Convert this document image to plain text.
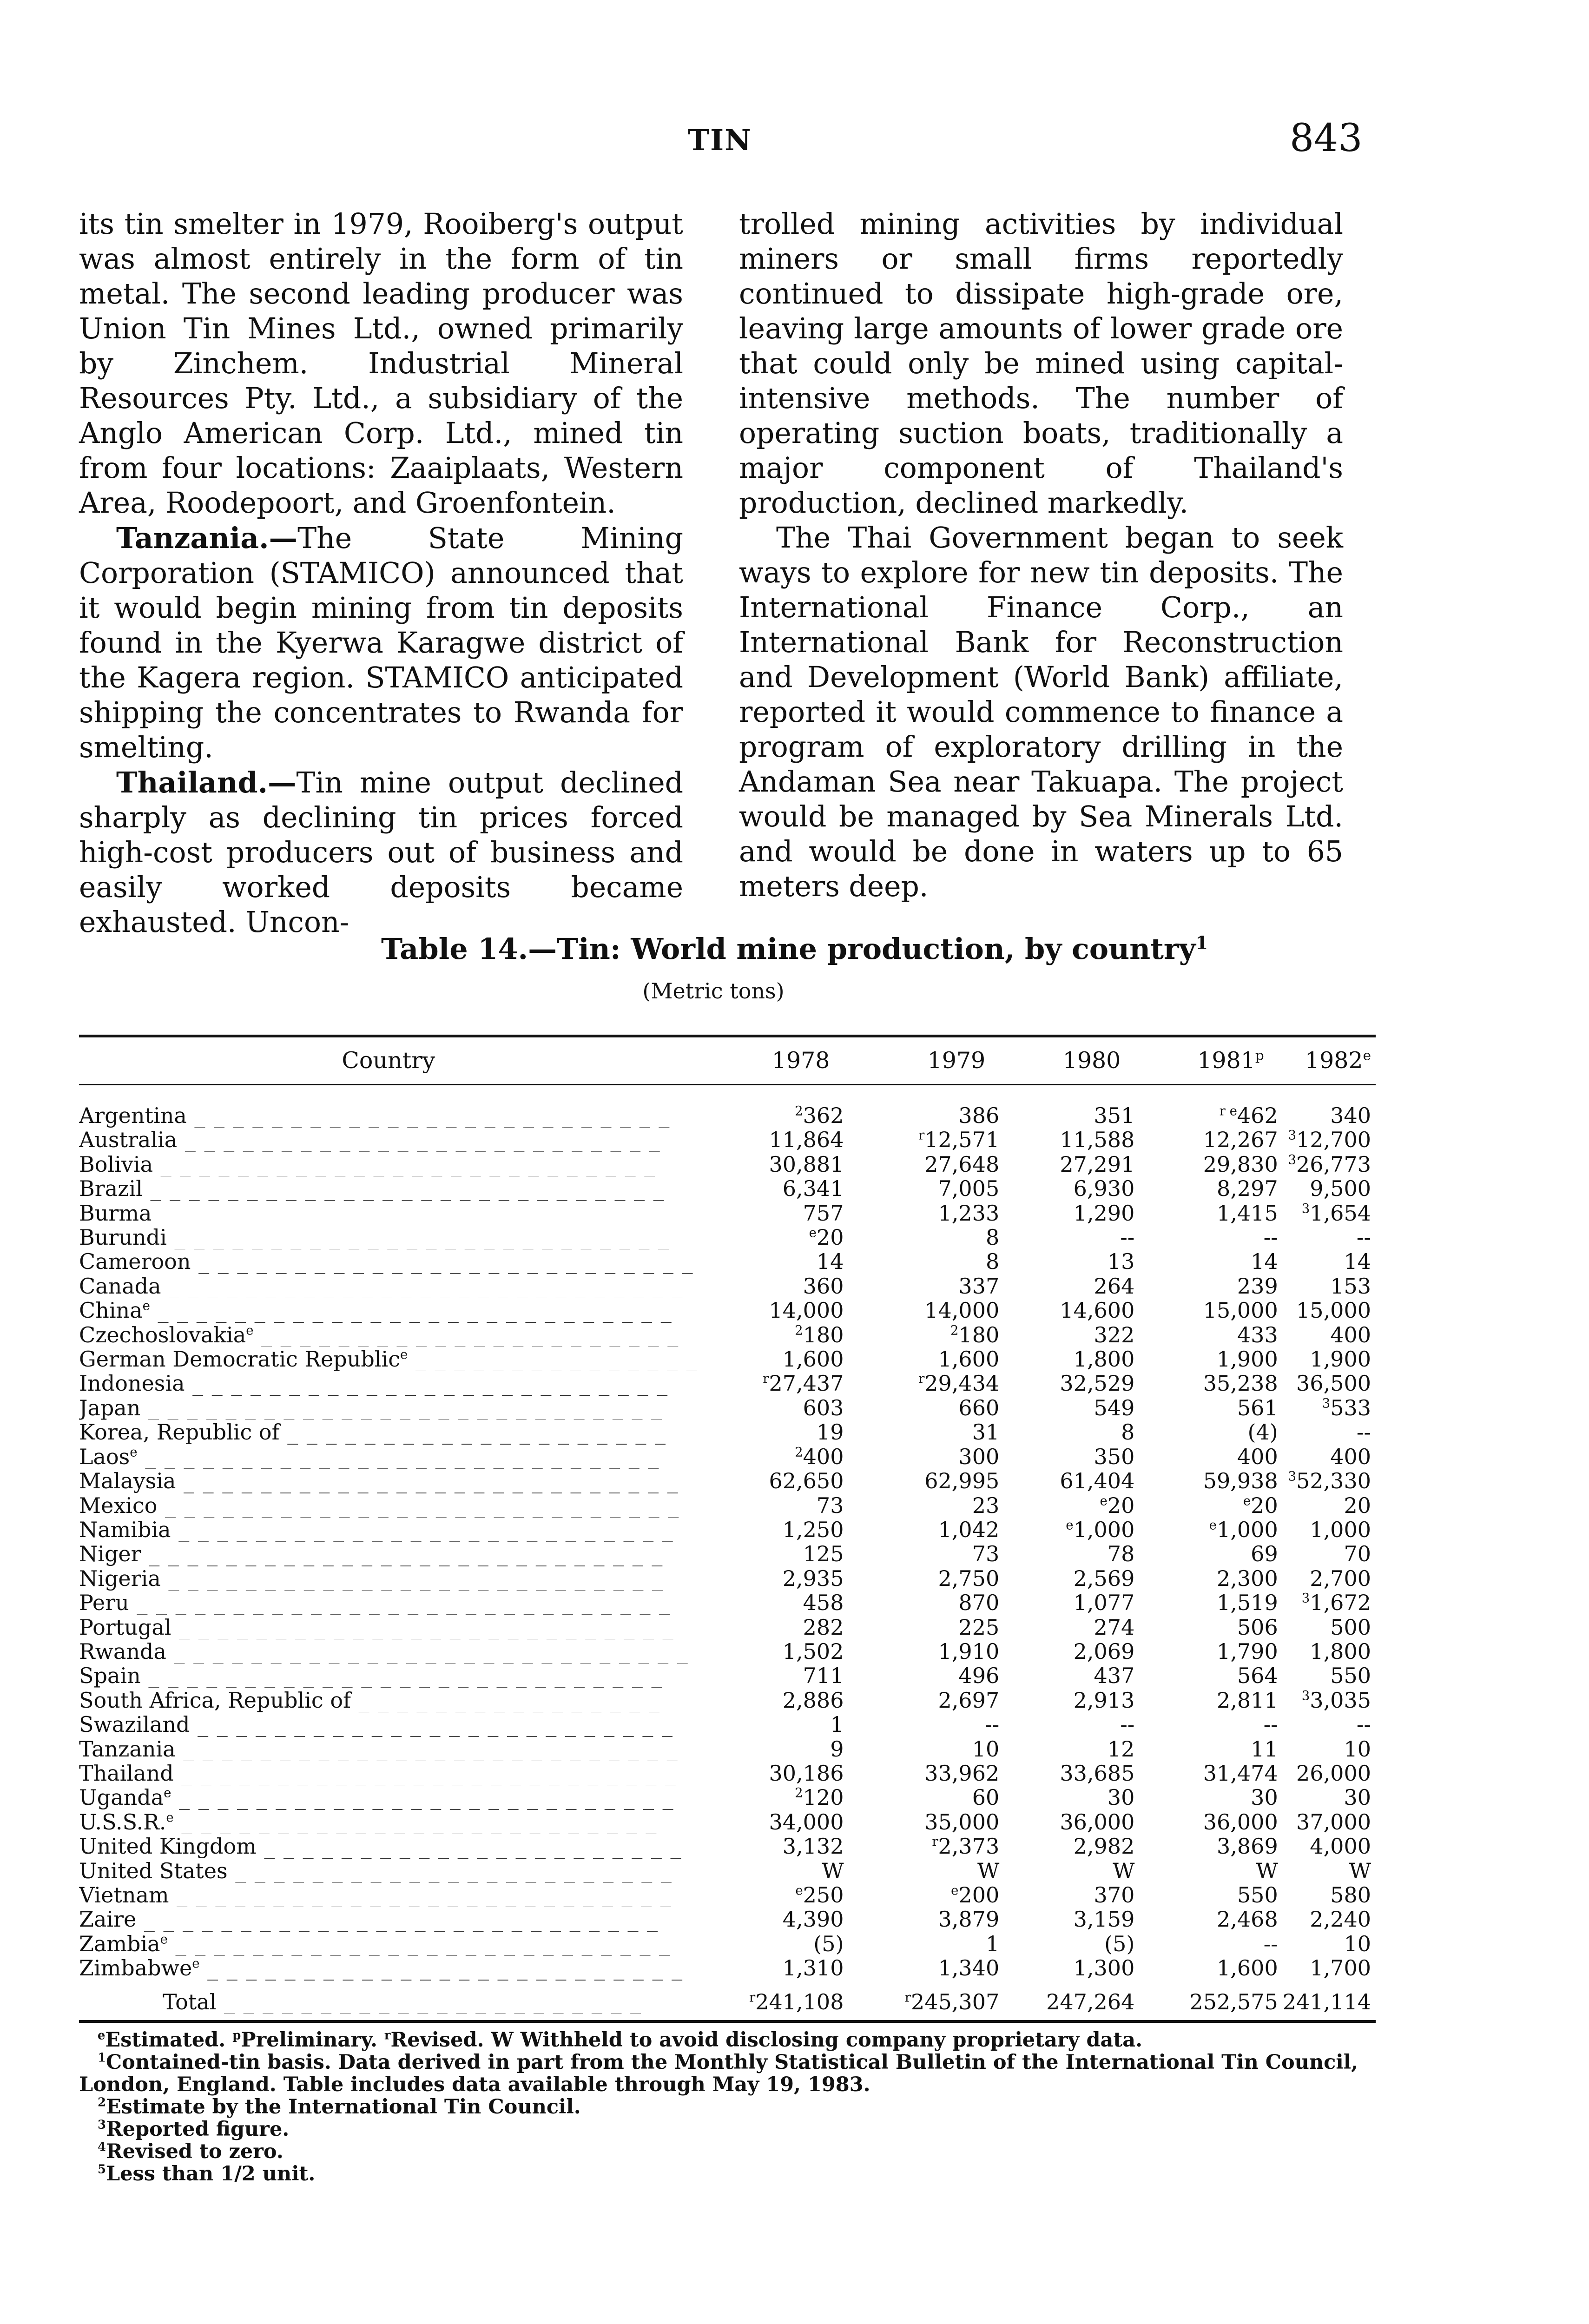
TIN	843

its tin smelter in 1979, Rooiberg's output was almost entirely in the form of tin metal. The second leading producer was Union Tin Mines Ltd., owned primarily by Zinchem. Industrial Mineral Resources Pty. Ltd., a subsidiary of the Anglo American Corp. Ltd., mined tin from four locations: Zaaiplaats, Western Area, Roodepoort, and Groenfontein.

Tanzania.—The State Mining Corporation (STAMICO) announced that it would begin mining from tin deposits found in the Kyerwa Karagwe district of the Kagera region. STAMICO anticipated shipping the concentrates to Rwanda for smelting.

Thailand.—Tin mine output declined sharply as declining tin prices forced high-cost producers out of business and easily worked deposits became exhausted. Uncon-

trolled mining activities by individual miners or small firms reportedly continued to dissipate high-grade ore, leaving large amounts of lower grade ore that could only be mined using capital-intensive methods. The number of operating suction boats, traditionally a major component of Thailand's production, declined markedly.

The Thai Government began to seek ways to explore for new tin deposits. The International Finance Corp., an International Bank for Reconstruction and Development (World Bank) affiliate, reported it would commence to finance a program of exploratory drilling in the Andaman Sea near Takuapa. The project would be managed by Sea Minerals Ltd. and would be done in waters up to 65 meters deep.

Table 14.—Tin: World mine production, by country$^1$
(Metric tons)
Country	1978	1979	1980	1981$^p$	1982e

Argentina _ _ _ _ _ _ _ _ _ _ _ _ _ _ _ _ _ _ _ _ _ _ _ _ _	$^2$362	386	351	$^{r e}$462	340
Australia _ _ _ _ _ _ _ _ _ _ _ _ _ _ _ _ _ _ _ _ _ _ _ _ _	11,864	$^r$12,571	11,588	12,267	$^3$12,700
Bolivia _ _ _ _ _ _ _ _ _ _ _ _ _ _ _ _ _ _ _ _ _ _ _ _ _ _	30,881	27,648	27,291	29,830	$^3$26,773
Brazil _ _ _ _ _ _ _ _ _ _ _ _ _ _ _ _ _ _ _ _ _ _ _ _ _ _ _	6,341	7,005	6,930	8,297	9,500
Burma _ _ _ _ _ _ _ _ _ _ _ _ _ _ _ _ _ _ _ _ _ _ _ _ _ _ _	757	1,233	1,290	1,415	$^3$1,654
Burundi _ _ _ _ _ _ _ _ _ _ _ _ _ _ _ _ _ _ _ _ _ _ _ _ _ _	$^e$20	8	--	--	--
Cameroon _ _ _ _ _ _ _ _ _ _ _ _ _ _ _ _ _ _ _ _ _ _ _ _ _ _	14	8	13	14	14
Canada _ _ _ _ _ _ _ _ _ _ _ _ _ _ _ _ _ _ _ _ _ _ _ _ _ _ _	360	337	264	239	153
China$^e$ _ _ _ _ _ _ _ _ _ _ _ _ _ _ _ _ _ _ _ _ _ _ _ _ _ _ _	14,000	14,000	14,600	15,000	15,000
Czechoslovakia$^e$ _ _ _ _ _ _ _ _ _ _ _ _ _ _ _ _ _ _ _ _ _ _	$^2$180	$^2$180	322	433	400
German Democratic Republic$^e$ _ _ _ _ _ _ _ _ _ _ _ _ _ _ _	1,600	1,600	1,800	1,900	1,900
Indonesia _ _ _ _ _ _ _ _ _ _ _ _ _ _ _ _ _ _ _ _ _ _ _ _ _	$^r$27,437	$^r$29,434	32,529	35,238	36,500
Japan _ _ _ _ _ _ _ _ _ _ _ _ _ _ _ _ _ _ _ _ _ _ _ _ _ _ _	603	660	549	561	$^3$533
Korea, Republic of _ _ _ _ _ _ _ _ _ _ _ _ _ _ _ _ _ _ _ _	19	31	8	(4)	--
Laos$^e$ _ _ _ _ _ _ _ _ _ _ _ _ _ _ _ _ _ _ _ _ _ _ _ _ _ _ _	$^2$400	300	350	400	400
Malaysia _ _ _ _ _ _ _ _ _ _ _ _ _ _ _ _ _ _ _ _ _ _ _ _ _ _	62,650	62,995	61,404	59,938	$^3$52,330
Mexico _ _ _ _ _ _ _ _ _ _ _ _ _ _ _ _ _ _ _ _ _ _ _ _ _ _ _	73	23	$^e$20	$^e$20	20
Namibia _ _ _ _ _ _ _ _ _ _ _ _ _ _ _ _ _ _ _ _ _ _ _ _ _ _	1,250	1,042	$^e$1,000	$^e$1,000	1,000
Niger _ _ _ _ _ _ _ _ _ _ _ _ _ _ _ _ _ _ _ _ _ _ _ _ _ _ _	125	73	78	69	70
Nigeria _ _ _ _ _ _ _ _ _ _ _ _ _ _ _ _ _ _ _ _ _ _ _ _ _ _	2,935	2,750	2,569	2,300	2,700
Peru _ _ _ _ _ _ _ _ _ _ _ _ _ _ _ _ _ _ _ _ _ _ _ _ _ _ _ _	458	870	1,077	1,519	$^3$1,672
Portugal _ _ _ _ _ _ _ _ _ _ _ _ _ _ _ _ _ _ _ _ _ _ _ _ _ _	282	225	274	506	500
Rwanda _ _ _ _ _ _ _ _ _ _ _ _ _ _ _ _ _ _ _ _ _ _ _ _ _ _ _	1,502	1,910	2,069	1,790	1,800
Spain _ _ _ _ _ _ _ _ _ _ _ _ _ _ _ _ _ _ _ _ _ _ _ _ _ _ _	711	496	437	564	550
South Africa, Republic of _ _ _ _ _ _ _ _ _ _ _ _ _ _ _ _	2,886	2,697	2,913	2,811	$^3$3,035
Swaziland _ _ _ _ _ _ _ _ _ _ _ _ _ _ _ _ _ _ _ _ _ _ _ _ _	1	--	--	--	--
Tanzania _ _ _ _ _ _ _ _ _ _ _ _ _ _ _ _ _ _ _ _ _ _ _ _ _ _	9	10	12	11	10
Thailand _ _ _ _ _ _ _ _ _ _ _ _ _ _ _ _ _ _ _ _ _ _ _ _ _ _	30,186	33,962	33,685	31,474	26,000
Uganda$^e$ _ _ _ _ _ _ _ _ _ _ _ _ _ _ _ _ _ _ _ _ _ _ _ _ _ _	$^2$120	60	30	30	30
U.S.S.R.$^e$ _ _ _ _ _ _ _ _ _ _ _ _ _ _ _ _ _ _ _ _ _ _ _ _ _	34,000	35,000	36,000	36,000	37,000
United Kingdom _ _ _ _ _ _ _ _ _ _ _ _ _ _ _ _ _ _ _ _ _ _	3,132	$^r$2,373	2,982	3,869	4,000
United States _ _ _ _ _ _ _ _ _ _ _ _ _ _ _ _ _ _ _ _ _ _ _	W	W	W	W	W
Vietnam _ _ _ _ _ _ _ _ _ _ _ _ _ _ _ _ _ _ _ _ _ _ _ _ _ _	$^e$250	$^e$200	370	550	580
Zaire _ _ _ _ _ _ _ _ _ _ _ _ _ _ _ _ _ _ _ _ _ _ _ _ _ _ _	4,390	3,879	3,159	2,468	2,240
Zambia$^e$ _ _ _ _ _ _ _ _ _ _ _ _ _ _ _ _ _ _ _ _ _ _ _ _ _ _	(5)	1	(5)	--	10
Zimbabwe$^e$ _ _ _ _ _ _ _ _ _ _ _ _ _ _ _ _ _ _ _ _ _ _ _ _ _	1,310	1,340	1,300	1,600	1,700
Total _ _ _ _ _ _ _ _ _ _ _ _ _ _ _ _ _ _ _ _ _ _	$^r$241,108	$^r$245,307	247,264	252,575	241,114

$^e$Estimated. $^p$Preliminary. $^r$Revised. W Withheld to avoid disclosing company proprietary data.

$^1$Contained-tin basis. Data derived in part from the Monthly Statistical Bulletin of the International Tin Council, London, England. Table includes data available through May 19, 1983.

$^2$Estimate by the International Tin Council.

$^3$Reported figure.

$^4$Revised to zero.

$^5$Less than 1/2 unit.
